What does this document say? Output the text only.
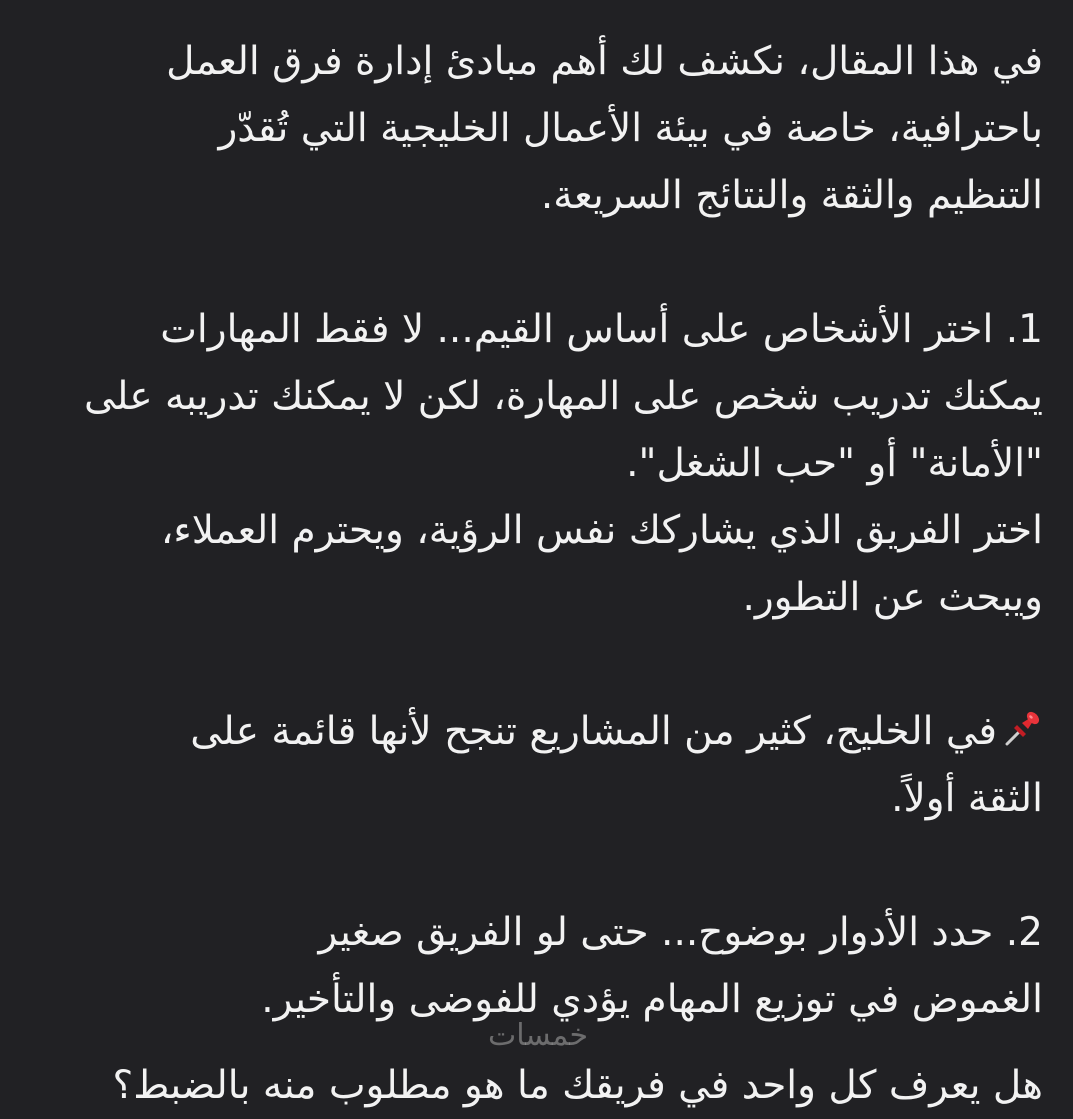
في هذا المقال، نكشف لك أهم مبادئ إدارة فرق العمل

باحترافية، خاصة في بيئة الأعمال الخليجية التي تُقدّر

التنظيم والثقة والنتائج السريعة.

1. اختر الأشخاص على أساس القيم... لا فقط المهارات

يمكنك تدريب شخص على المهارة، لكن لا يمكنك تدريبه على

"الأمانة" أو "حب الشغل".

اختر الفريق الذي يشاركك نفس الرؤية، ويحترم العملاء،

ويبحث عن التطور.

في الخليج، كثير من المشاريع تنجح لأنها قائمة على

الثقة أولاً.

2. حدد الأدوار بوضوح... حتى لو الفريق صغير

الغموض في توزيع المهام يؤدي للفوضى والتأخير.

هل يعرف كل واحد في فريقك ما هو مطلوب منه بالضبط؟
خمسات
